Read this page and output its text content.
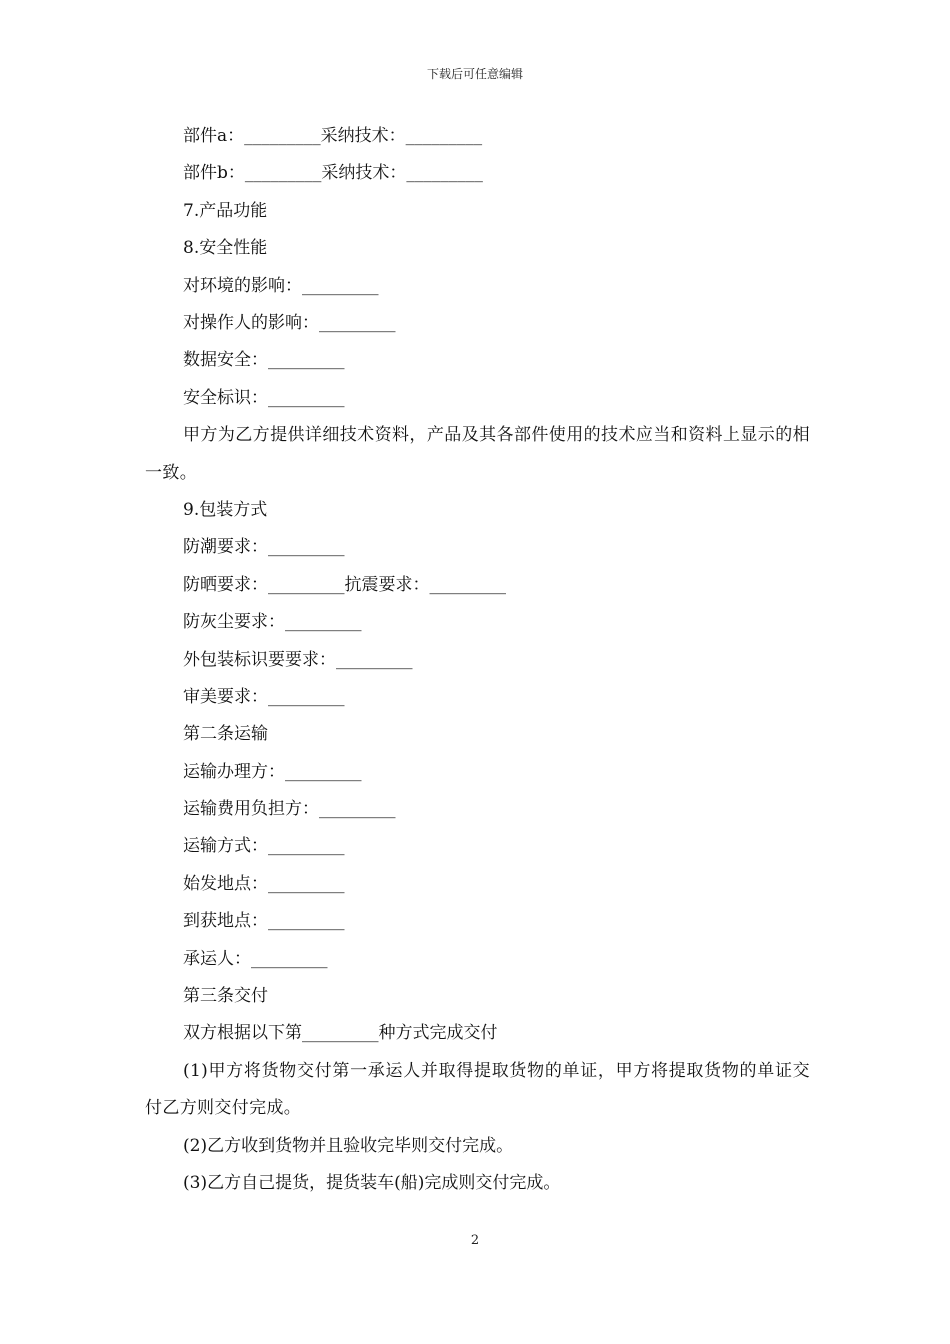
下载后可任意编辑
部件a：_________采纳技术：_________
部件b：_________采纳技术：_________
7.产品功能
8.安全性能
对环境的影响：_________
对操作人的影响：_________
数据安全：_________
安全标识：_________
甲方为乙方提供详细技术资料，产品及其各部件使用的技术应当和资料上显示的相一致。
9.包装方式
防潮要求：_________
防晒要求：_________抗震要求：_________
防灰尘要求：_________
外包装标识要要求：_________
审美要求：_________
第二条运输
运输办理方：_________
运输费用负担方：_________
运输方式：_________
始发地点：_________
到获地点：_________
承运人：_________
第三条交付
双方根据以下第_________种方式完成交付
(1)甲方将货物交付第一承运人并取得提取货物的单证，甲方将提取货物的单证交付乙方则交付完成。
(2)乙方收到货物并且验收完毕则交付完成。
(3)乙方自己提货，提货装车(船)完成则交付完成。
2
